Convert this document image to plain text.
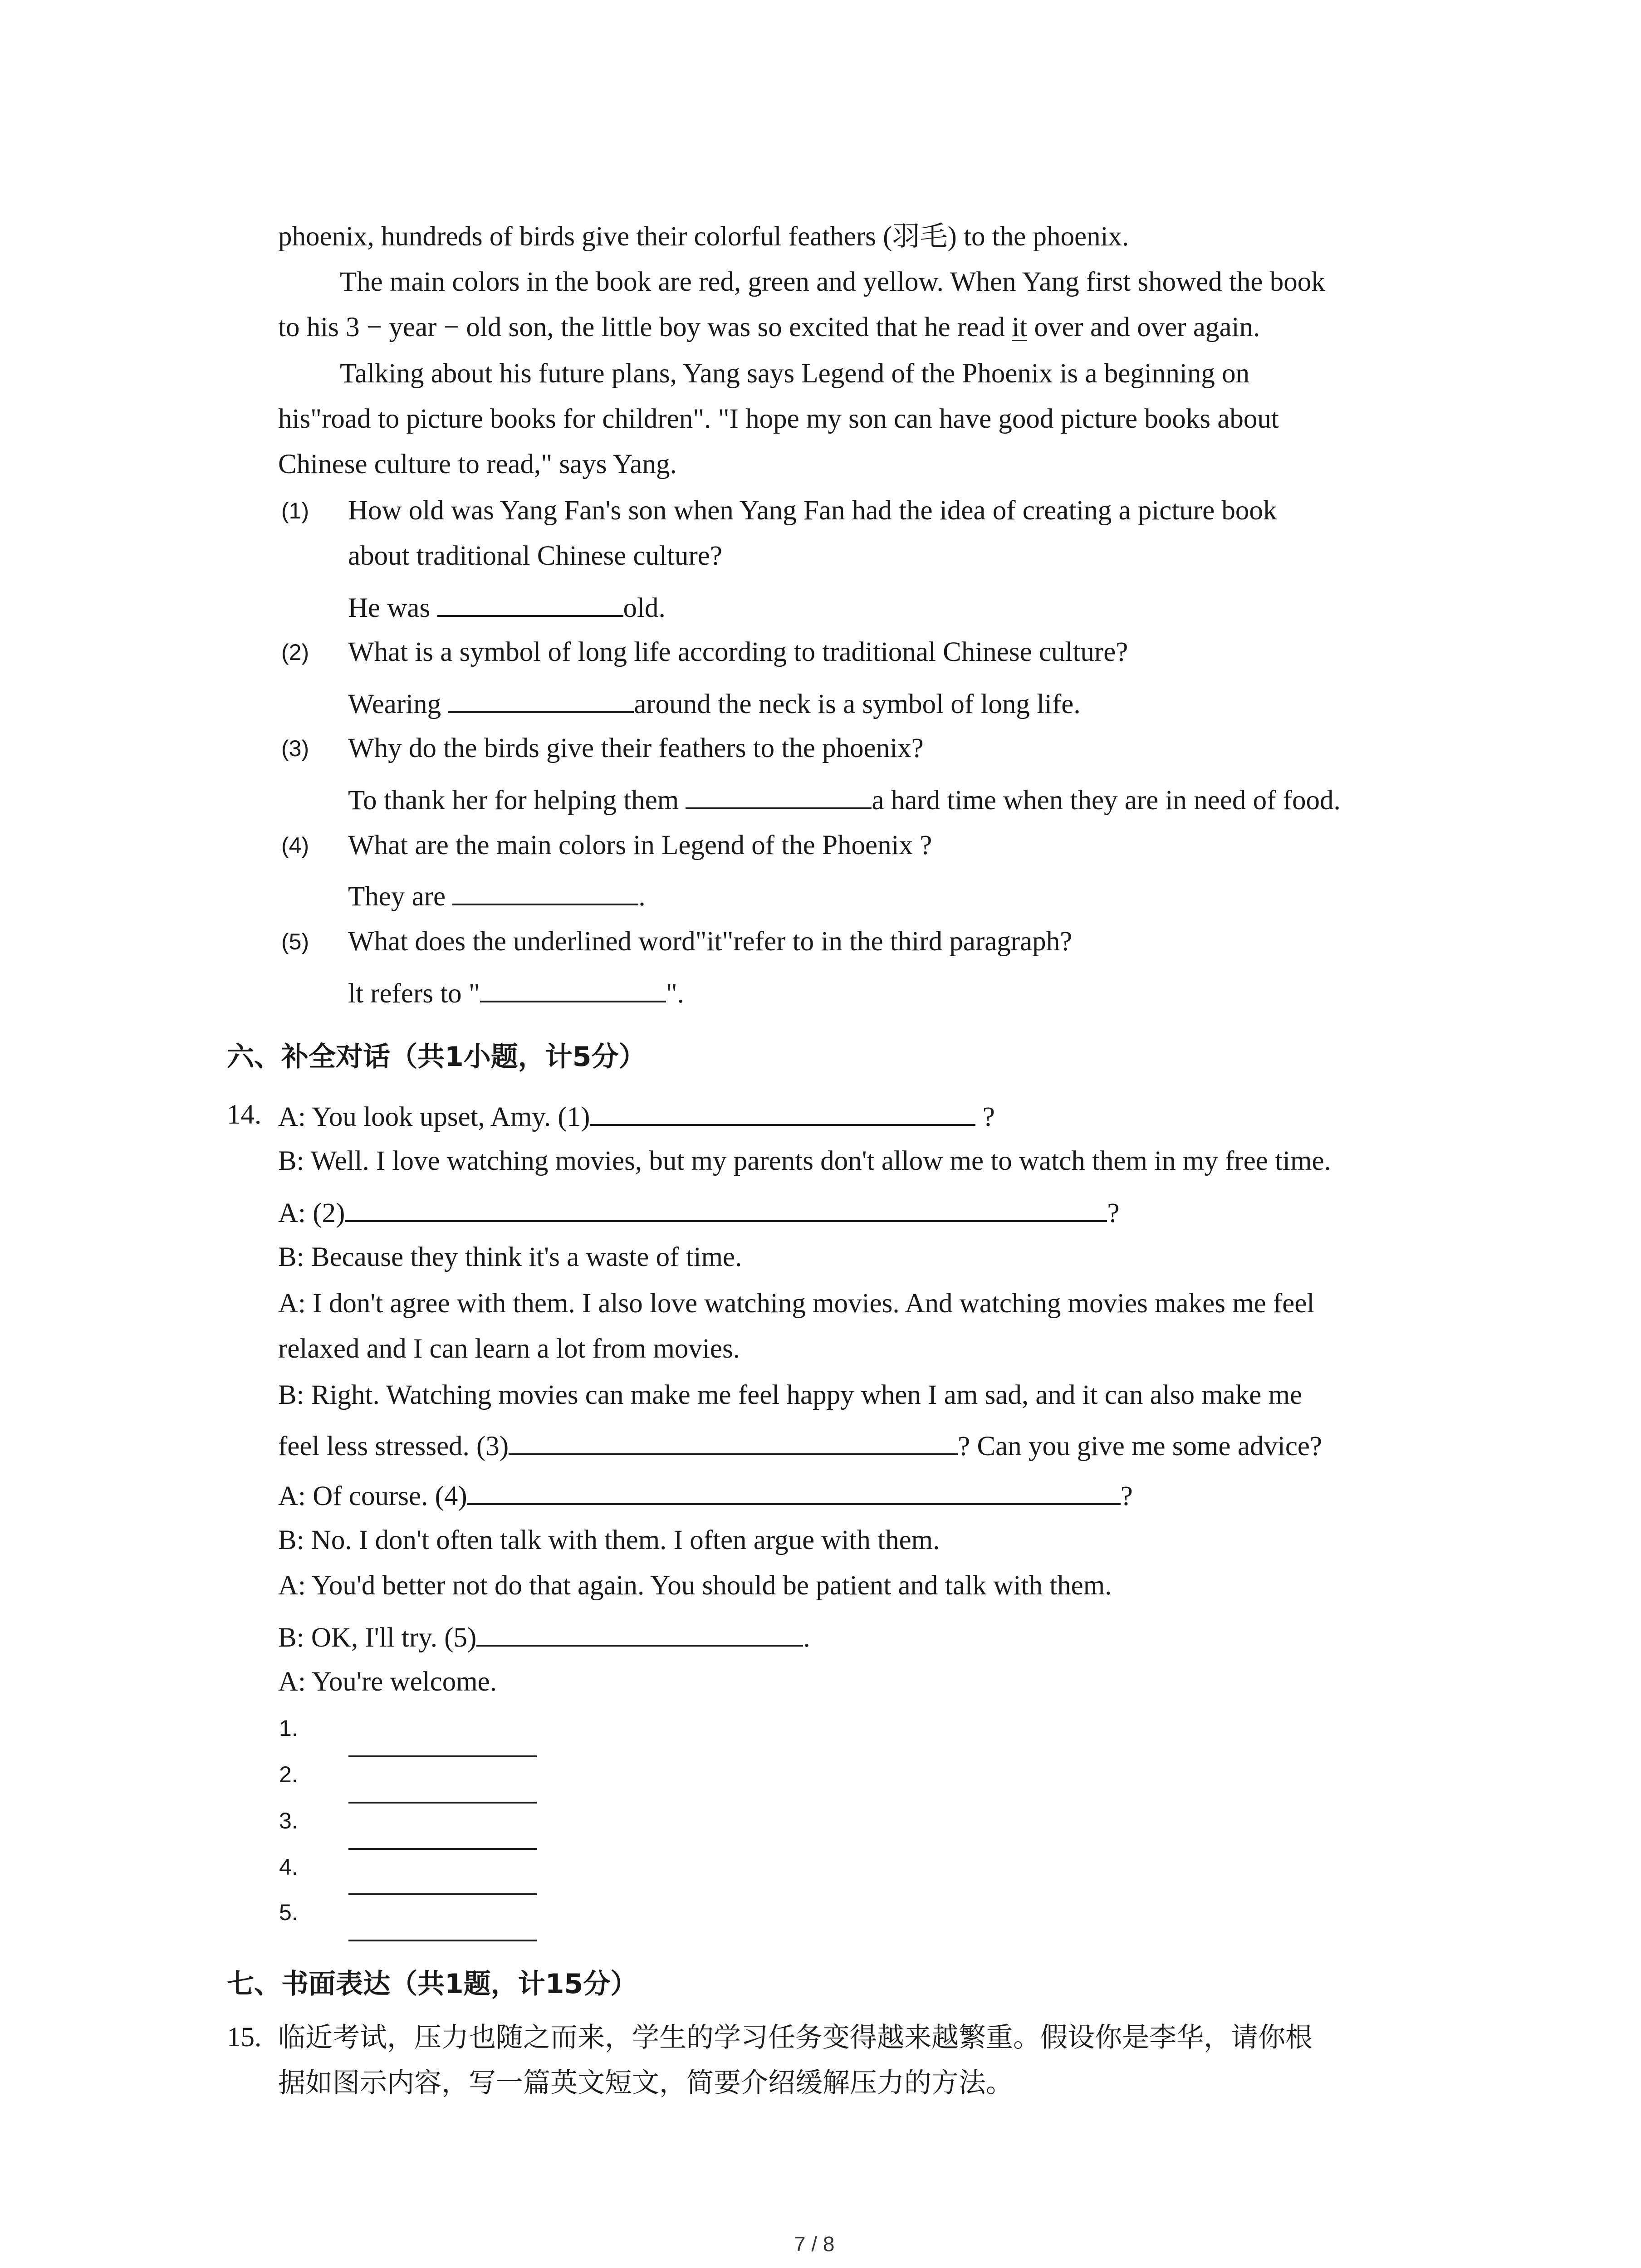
phoenix, hundreds of birds give their colorful feathers (羽毛) to the phoenix.
The main colors in the book are red, green and yellow. When Yang first showed the book
to his 3 − year − old son, the little boy was so excited that he read it over and over again.
Talking about his future plans, Yang says Legend of the Phoenix is a beginning on
his"road to picture books for children". "I hope my son can have good picture books about
Chinese culture to read," says Yang.
(1) How old was Yang Fan's son when Yang Fan had the idea of creating a picture book
about traditional Chinese culture?
He was	old.
(2) What is a symbol of long life according to traditional Chinese culture?
Wearing	around the neck is a symbol of long life.
(3) Why do the birds give their feathers to the phoenix?
To thank her for helping them	a hard time when they are in need of food.
(4) What are the main colors in Legend of the Phoenix ?
They are	.
(5) What does the underlined word"it"refer to in the third paragraph?
lt refers to "	".
六、补全对话（共1小题，计5分）
14. A: You look upset, Amy. (1)	?
B: Well. I love watching movies, but my parents don't allow me to watch them in my free time.
A: (2)	?
B: Because they think it's a waste of time.
A: I don't agree with them. I also love watching movies. And watching movies makes me feel
relaxed and I can learn a lot from movies.
B: Right. Watching movies can make me feel happy when I am sad, and it can also make me
feel less stressed. (3)	? Can you give me some advice?
A: Of course. (4)	?
B: No. I don't often talk with them. I often argue with them.
A: You'd better not do that again. You should be patient and talk with them.
B: OK, I'll try. (5)	.
A: You're welcome.
1.
2.
3.
4.
5.
七、书面表达（共1题，计15分）
15. 临近考试，压力也随之而来，学生的学习任务变得越来越繁重。假设你是李华，请你根
据如图示内容，写一篇英文短文，简要介绍缓解压力的方法。
7 / 8
